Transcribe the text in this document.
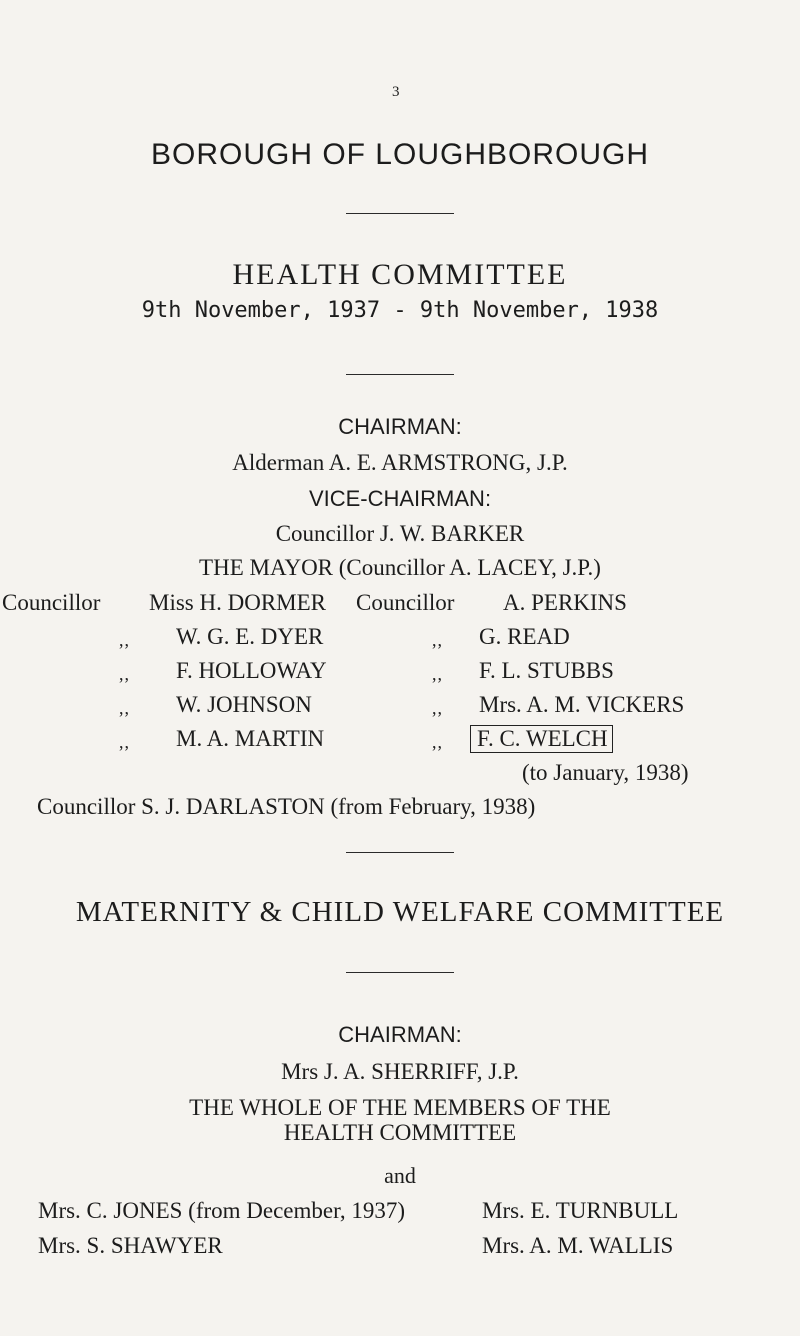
3
BOROUGH OF LOUGHBOROUGH
HEALTH COMMITTEE
9th November, 1937 - 9th November, 1938
CHAIRMAN:
Alderman A. E. ARMSTRONG, J.P.
VICE-CHAIRMAN:
Councillor J. W. BARKER
THE MAYOR (Councillor A. LACEY, J.P.)
Councillor Miss H. DORMER
,, W. G. E. DYER
,, F. HOLLOWAY
,, W. JOHNSON
,, M. A. MARTIN
Councillor A. PERKINS
,, G. READ
,, F. L. STUBBS
,, Mrs. A. M. VICKERS
,,	F. C. WELCH
(to January, 1938)
Councillor S. J. DARLASTON (from February, 1938)
MATERNITY & CHILD WELFARE COMMITTEE
CHAIRMAN:
Mrs J. A. SHERRIFF, J.P.
THE WHOLE OF THE MEMBERS OF THE
HEALTH COMMITTEE
and
Mrs. C. JONES (from December, 1937)
Mrs. S. SHAWYER
Mrs. E. TURNBULL
Mrs. A. M. WALLIS
